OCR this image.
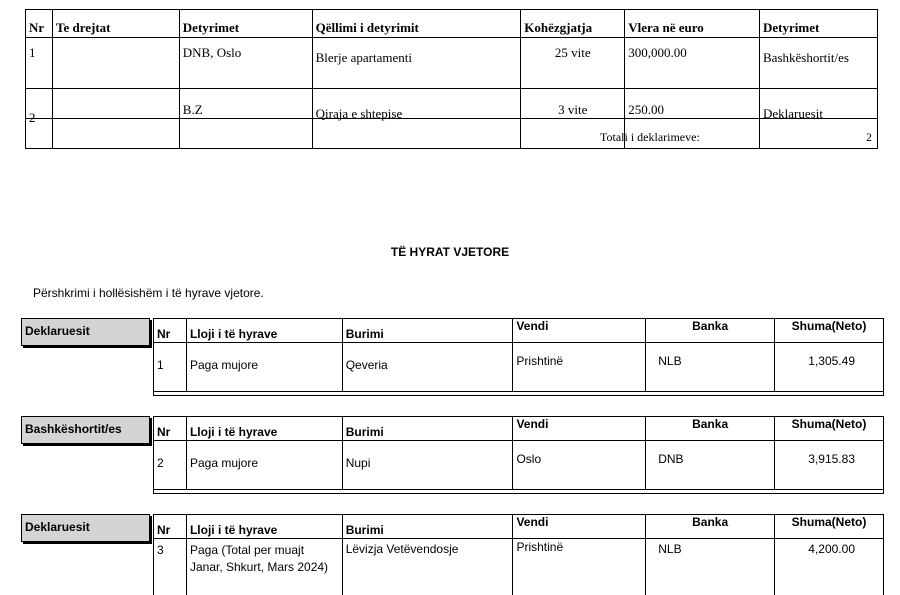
Nr	Te drejtat	Detyrimet	Qëllimi i detyrimit	Kohëzgjatja	Vlera në euro	Detyrimet
1		DNB, Oslo	Blerje apartamenti	25 vite	300,000.00	Bashkëshortit/es
2		B.Z	Qiraja e shtepise	3 vite	250.00	Deklaruesit
Totali i deklarimeve:	2
TË HYRAT VJETORE
Përshkrimi i hollësishëm i të hyrave vjetore.
Deklaruesit	Nr	Lloji i të hyrave	Burimi	Vendi	Banka	Shuma(Neto)
1	Paga mujore	Qeveria	Prishtinë	NLB	1,305.49
Bashkëshortit/es	Nr	Lloji i të hyrave	Burimi	Vendi	Banka	Shuma(Neto)
2	Paga mujore	Nupi	Oslo	DNB	3,915.83
Deklaruesit	Nr	Lloji i të hyrave	Burimi	Vendi	Banka	Shuma(Neto)
3	Paga (Total per muajt Janar, Shkurt, Mars 2024)	Lëvizja Vetëvendosje	Prishtinë	NLB	4,200.00
